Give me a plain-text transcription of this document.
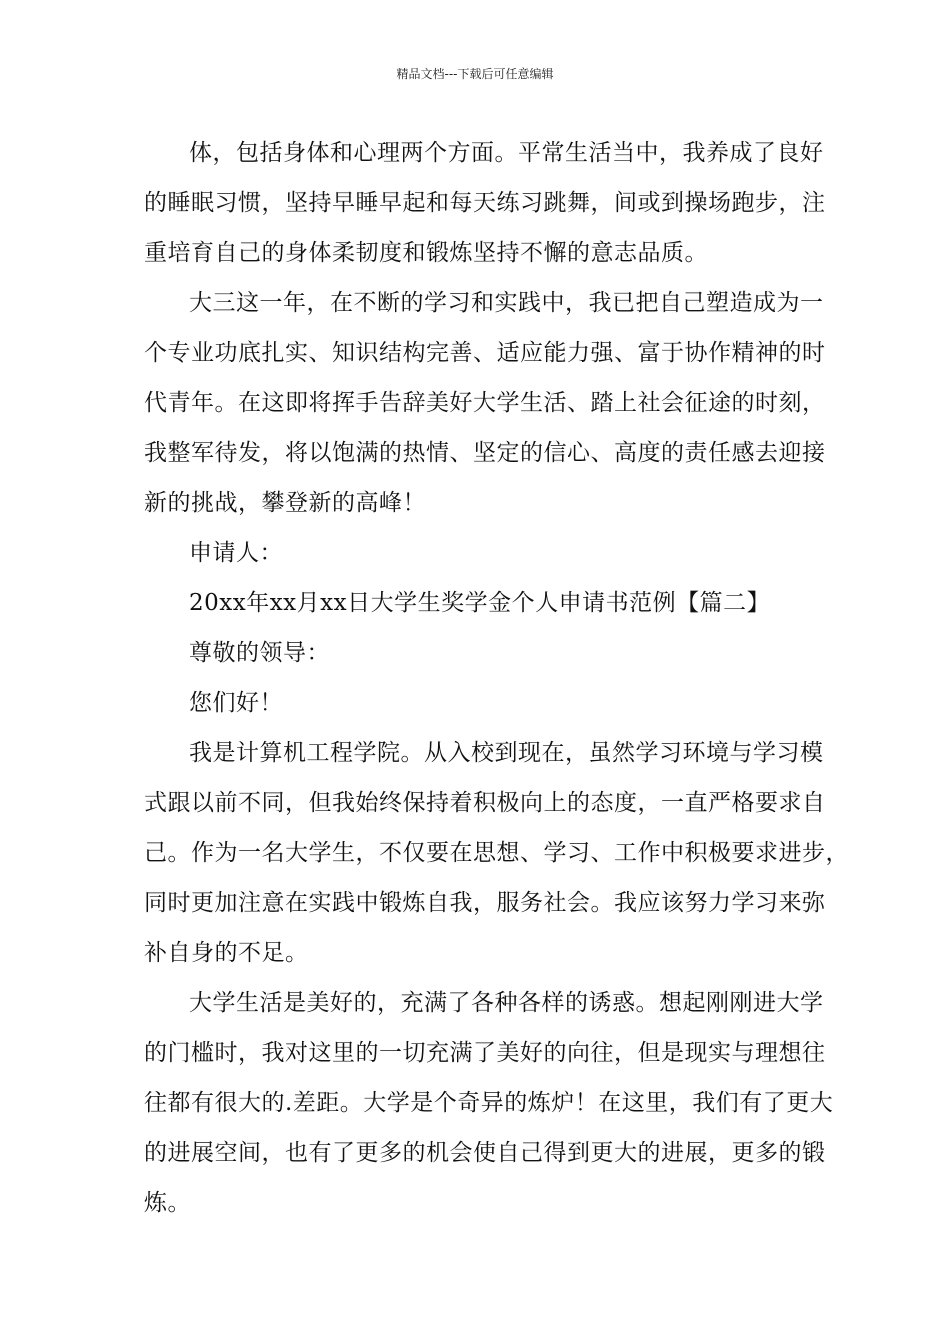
精品文档---下载后可任意编辑
体，包括身体和心理两个方面。平常生活当中，我养成了良好
的睡眠习惯，坚持早睡早起和每天练习跳舞，间或到操场跑步，注
重培育自己的身体柔韧度和锻炼坚持不懈的意志品质。
大三这一年，在不断的学习和实践中，我已把自己塑造成为一
个专业功底扎实、知识结构完善、适应能力强、富于协作精神的时
代青年。在这即将挥手告辞美好大学生活、踏上社会征途的时刻，
我整军待发，将以饱满的热情、坚定的信心、高度的责任感去迎接
新的挑战，攀登新的高峰！
申请人：
20xx年xx月xx日大学生奖学金个人申请书范例【篇二】
尊敬的领导：
您们好！
我是计算机工程学院。从入校到现在，虽然学习环境与学习模
式跟以前不同，但我始终保持着积极向上的态度，一直严格要求自
己。作为一名大学生，不仅要在思想、学习、工作中积极要求进步，
同时更加注意在实践中锻炼自我，服务社会。我应该努力学习来弥
补自身的不足。
大学生活是美好的，充满了各种各样的诱惑。想起刚刚进大学
的门槛时，我对这里的一切充满了美好的向往，但是现实与理想往
往都有很大的.差距。大学是个奇异的炼炉！在这里，我们有了更大
的进展空间，也有了更多的机会使自己得到更大的进展，更多的锻
炼。
